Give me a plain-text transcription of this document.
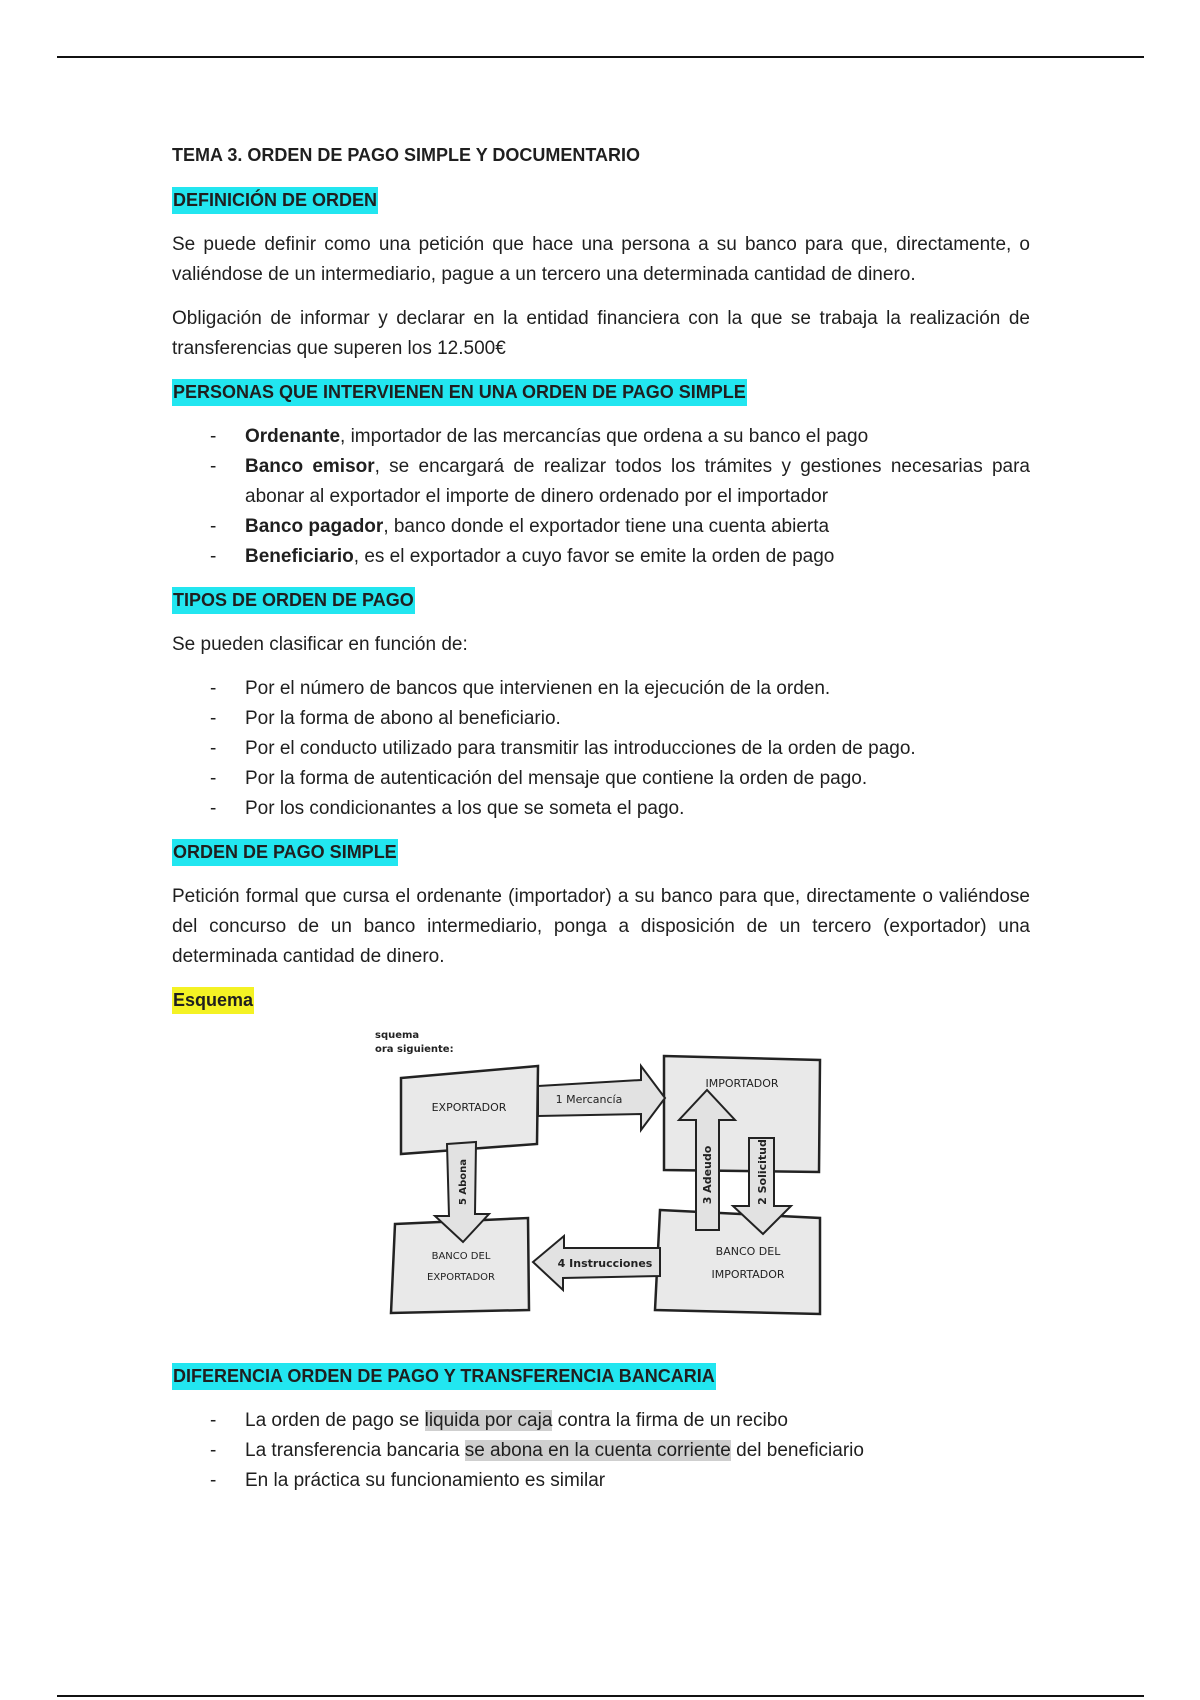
TEMA 3. ORDEN DE PAGO SIMPLE Y DOCUMENTARIO
DEFINICIÓN DE ORDEN

Se puede definir como una petición que hace una persona a su banco para que, directamente, o valiéndose de un intermediario, pague a un tercero una determinada cantidad de dinero.

Obligación de informar y declarar en la entidad financiera con la que se trabaja la realización de transferencias que superen los 12.500€

PERSONAS QUE INTERVIENEN EN UNA ORDEN DE PAGO SIMPLE
- Ordenante, importador de las mercancías que ordena a su banco el pago
- Banco emisor, se encargará de realizar todos los trámites y gestiones necesarias para abonar al exportador el importe de dinero ordenado por el importador
- Banco pagador, banco donde el exportador tiene una cuenta abierta
- Beneficiario, es el exportador a cuyo favor se emite la orden de pago
TIPOS DE ORDEN DE PAGO

Se pueden clasificar en función de:

- Por el número de bancos que intervienen en la ejecución de la orden.
- Por la forma de abono al beneficiario.
- Por el conducto utilizado para transmitir las introducciones de la orden de pago.
- Por la forma de autenticación del mensaje que contiene la orden de pago.
- Por los condicionantes a los que se someta el pago.
ORDEN DE PAGO SIMPLE

Petición formal que cursa el ordenante (importador) a su banco para que, directamente o valiéndose del concurso de un banco intermediario, ponga a disposición de un tercero (exportador) una determinada cantidad de dinero.

Esquema
squema
ora siguiente:
EXPORTADOR
IMPORTADOR
BANCO DEL
EXPORTADOR
BANCO DEL
IMPORTADOR
1 Mercancía
4 Instrucciones
5 Abona	3 Adeudo	2 Solicitud
DIFERENCIA ORDEN DE PAGO Y TRANSFERENCIA BANCARIA
- La orden de pago se liquida por caja contra la firma de un recibo
- La transferencia bancaria se abona en la cuenta corriente del beneficiario
- En la práctica su funcionamiento es similar
